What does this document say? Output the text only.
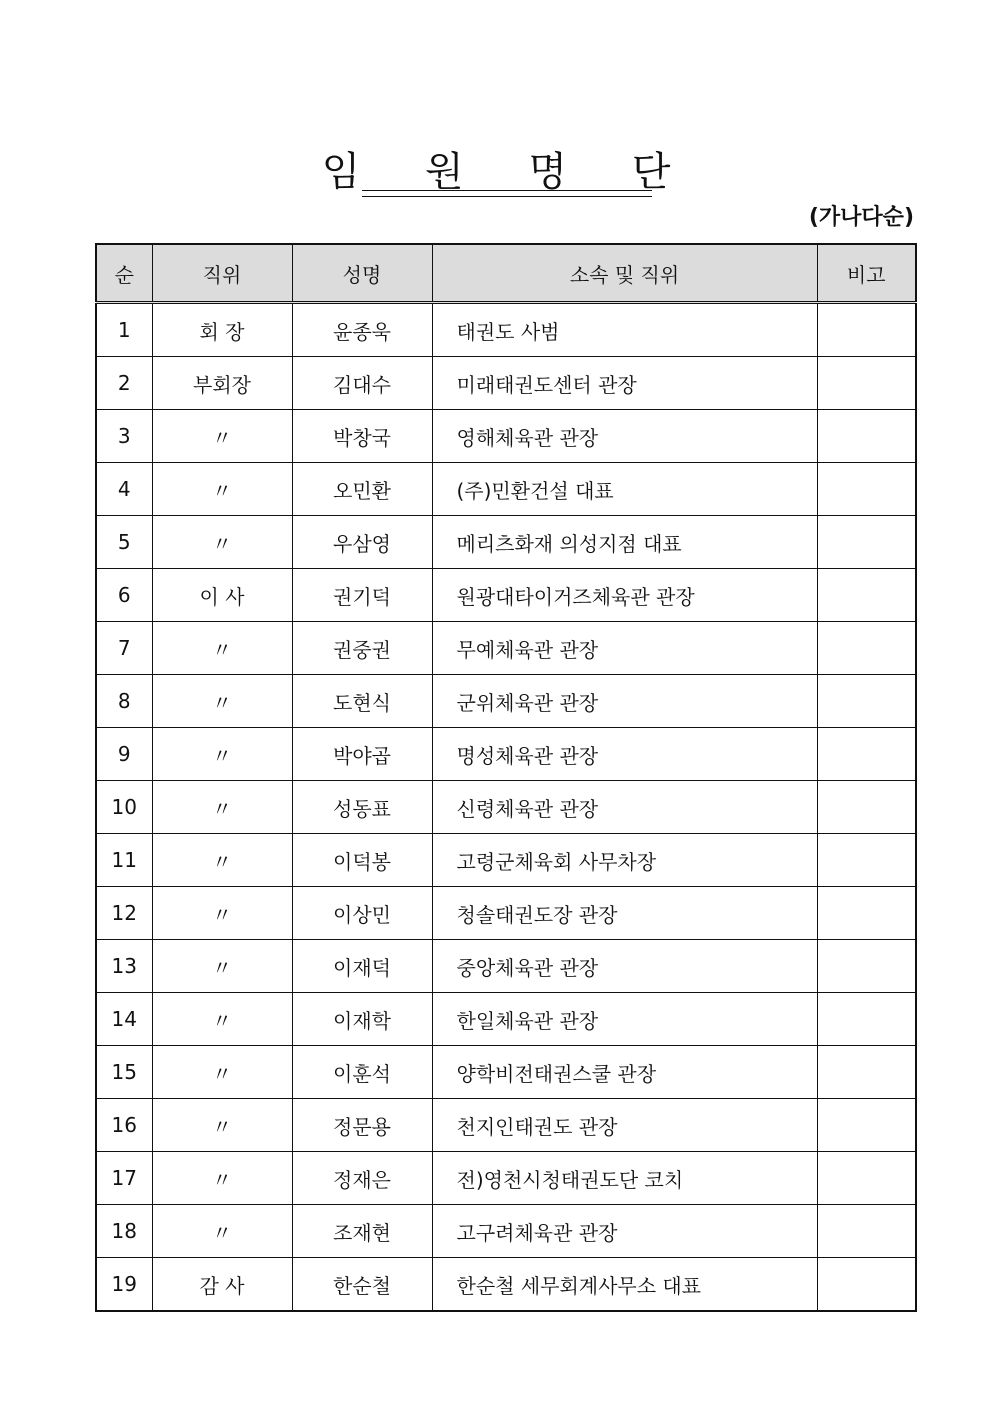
임 원 명 단
(가나다순)
순	직위	성명	소속 및 직위	비고
1	회 장	윤종욱	태권도 사범	
2	부회장	김대수	미래태권도센터 관장	
3	〃	박창국	영해체육관 관장	
4	〃	오민환	(주)민환건설 대표	
5	〃	우삼영	메리츠화재 의성지점 대표	
6	이 사	권기덕	원광대타이거즈체육관 관장	
7	〃	권중권	무예체육관 관장	
8	〃	도현식	군위체육관 관장	
9	〃	박야곱	명성체육관 관장	
10	〃	성동표	신령체육관 관장	
11	〃	이덕봉	고령군체육회 사무차장	
12	〃	이상민	청솔태권도장 관장	
13	〃	이재덕	중앙체육관 관장	
14	〃	이재학	한일체육관 관장	
15	〃	이훈석	양학비전태권스쿨 관장	
16	〃	정문용	천지인태권도 관장	
17	〃	정재은	전)영천시청태권도단 코치	
18	〃	조재현	고구려체육관 관장	
19	감 사	한순철	한순철 세무회계사무소 대표	
